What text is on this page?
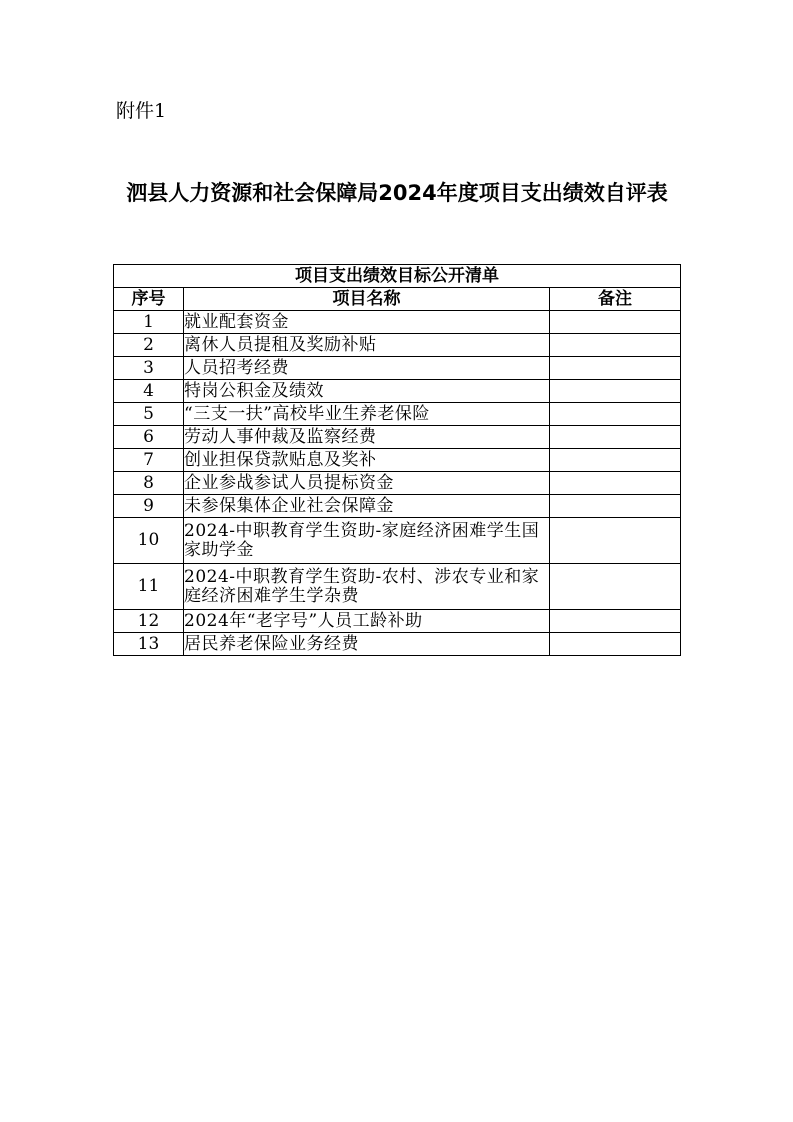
附件1
泗县人力资源和社会保障局2024年度项目支出绩效自评表
项目支出绩效目标公开清单		
序号	项目名称	备注
1	就业配套资金	
2	离休人员提租及奖励补贴	
3	人员招考经费	
4	特岗公积金及绩效	
5	“三支一扶”高校毕业生养老保险	
6	劳动人事仲裁及监察经费	
7	创业担保贷款贴息及奖补	
8	企业参战参试人员提标资金	
9	未参保集体企业社会保障金	
10	2024-中职教育学生资助-家庭经济困难学生国家助学金	
11	2024-中职教育学生资助-农村、涉农专业和家庭经济困难学生学杂费	
12	2024年“老字号”人员工龄补助	
13	居民养老保险业务经费	
